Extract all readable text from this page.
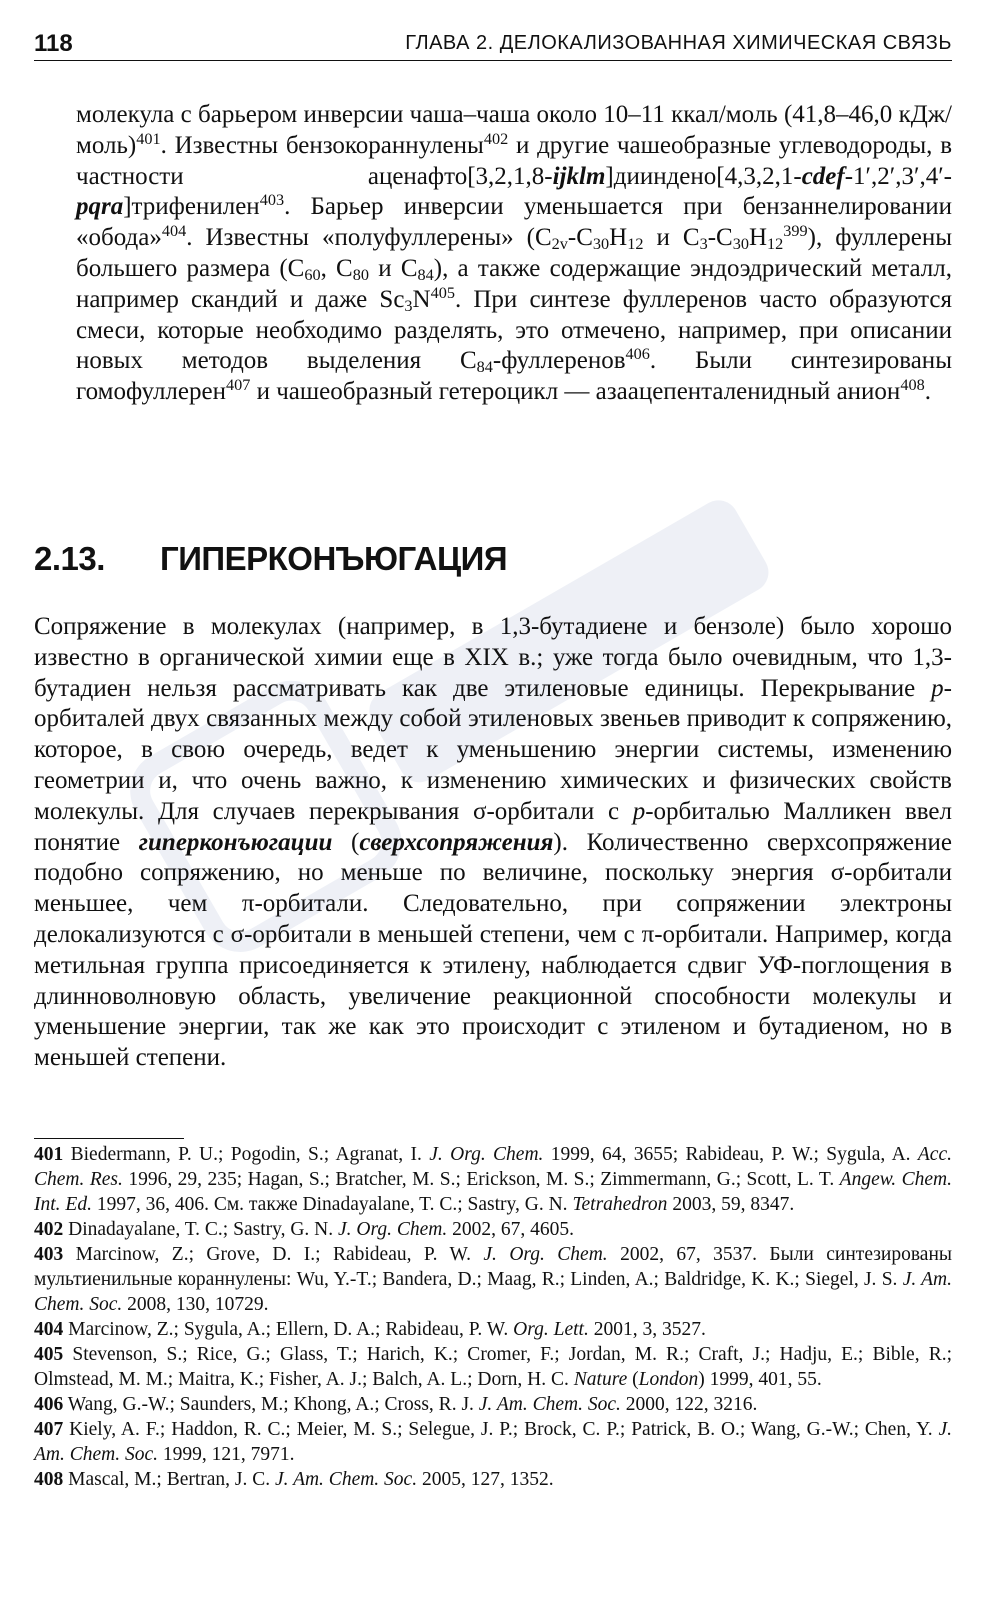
118	ГЛАВА 2. ДЕЛОКАЛИЗОВАННАЯ ХИМИЧЕСКАЯ СВЯЗЬ
молекула с барьером инверсии чаша–чаша около 10–11 ккал/моль (41,8–46,0 кДж/моль)$^{401}$. Известны бензокораннулены$^{402}$ и другие чашеобразные углеводороды, в частности аценафто[3,2,1,8-ijklm]дииндено[4,3,2,1-cdef-1′,2′,3′,4′-pqra]трифенилен$^{403}$. Барьер инверсии уменьшается при бензаннелировании «обода»$^{404}$. Известны «полуфуллерены» ($C_{2v}-C_{30}H_{12}$ и $C_3-C_{30}H_{12}^{399}$), фуллерены большего размера ($C_{60}$, $C_{80}$ и $C_{84}$), а также содержащие эндоэдрический металл, например скандий и даже $Sc_3N^{405}$. При синтезе фуллеренов часто образуются смеси, которые необходимо разделять, это отмечено, например, при описании новых методов выделения $C_{84}-фуллеренов^{406}$. Были синтезированы гомофуллерен$^{407}$ и чашеобразный гетероцикл — азаацепенталенидный анион$^{408}$.
2.13. ГИПЕРКОНЪЮГАЦИЯ
Сопряжение в молекулах (например, в 1,3-бутадиене и бензоле) было хорошо известно в органической химии еще в XIX в.; уже тогда было очевидным, что 1,3-бутадиен нельзя рассматривать как две этиленовые единицы. Перекрывание p-орбиталей двух связанных между собой этиленовых звеньев приводит к сопряжению, которое, в свою очередь, ведет к уменьшению энергии системы, изменению геометрии и, что очень важно, к изменению химических и физических свойств молекулы. Для случаев перекрывания σ-орбитали с p-орбиталью Малликен ввел понятие гиперконъюгации (сверхсопряжения). Количественно сверхсопряжение подобно сопряжению, но меньше по величине, поскольку энергия σ-орбитали меньшее, чем π-орбитали. Следовательно, при сопряжении электроны делокализуются с σ-орбитали в меньшей степени, чем с π-орбитали. Например, когда метильная группа присоединяется к этилену, наблюдается сдвиг УФ-поглощения в длинноволновую область, увеличение реакционной способности молекулы и уменьшение энергии, так же как это происходит с этиленом и бутадиеном, но в меньшей степени.
401 Biedermann, P. U.; Pogodin, S.; Agranat, I. J. Org. Chem. 1999, 64, 3655; Rabideau, P. W.; Sygula, A. Acc. Chem. Res. 1996, 29, 235; Hagan, S.; Bratcher, M. S.; Erickson, M. S.; Zimmermann, G.; Scott, L. T. Angew. Chem. Int. Ed. 1997, 36, 406. См. также Dinadayalane, T. C.; Sastry, G. N. Tetrahedron 2003, 59, 8347.
402 Dinadayalane, T. C.; Sastry, G. N. J. Org. Chem. 2002, 67, 4605.
403 Marcinow, Z.; Grove, D. I.; Rabideau, P. W. J. Org. Chem. 2002, 67, 3537. Были синтезированы мультиенильные кораннулены: Wu, Y.-T.; Bandera, D.; Maag, R.; Linden, A.; Baldridge, K. K.; Siegel, J. S. J. Am. Chem. Soc. 2008, 130, 10729.
404 Marcinow, Z.; Sygula, A.; Ellern, D. A.; Rabideau, P. W. Org. Lett. 2001, 3, 3527.
405 Stevenson, S.; Rice, G.; Glass, T.; Harich, K.; Cromer, F.; Jordan, M. R.; Craft, J.; Hadju, E.; Bible, R.; Olmstead, M. M.; Maitra, K.; Fisher, A. J.; Balch, A. L.; Dorn, H. C. Nature (London) 1999, 401, 55.
406 Wang, G.-W.; Saunders, M.; Khong, A.; Cross, R. J. J. Am. Chem. Soc. 2000, 122, 3216.
407 Kiely, A. F.; Haddon, R. C.; Meier, M. S.; Selegue, J. P.; Brock, C. P.; Patrick, B. O.; Wang, G.-W.; Chen, Y. J. Am. Chem. Soc. 1999, 121, 7971.
408 Mascal, M.; Bertran, J. C. J. Am. Chem. Soc. 2005, 127, 1352.
